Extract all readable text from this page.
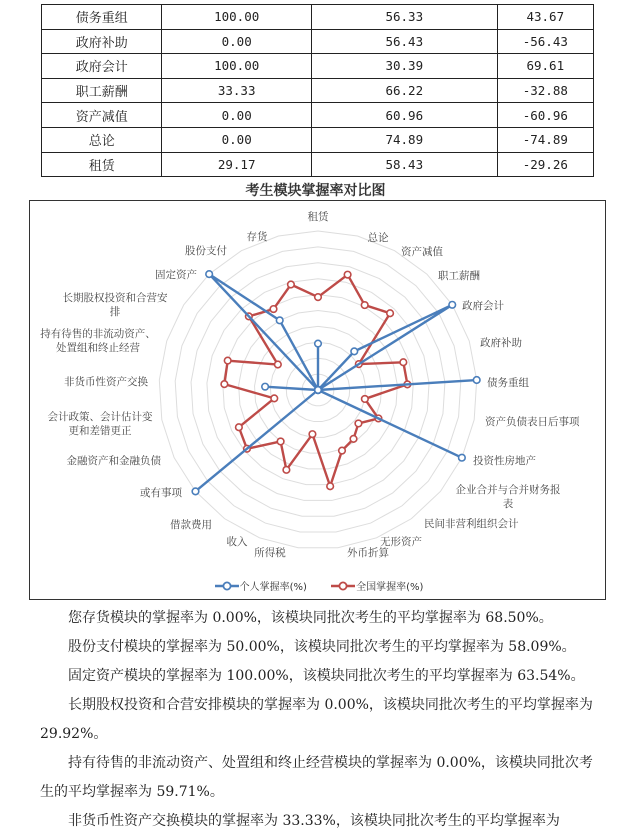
债务重组	100.00	56.33	43.67
政府补助	0.00	56.43	-56.43
政府会计	100.00	30.39	69.61
职工薪酬	33.33	66.22	-32.88
资产减值	0.00	60.96	-60.96
总论	0.00	74.89	-74.89
租赁	29.17	58.43	-29.26
考生模块掌握率对比图
租赁
总论
资产减值
职工薪酬
政府会计
政府补助
债务重组
资产负债表日后事项
投资性房地产
企业合并与合并财务报表
民间非营利组织会计
无形资产
外币折算
所得税
收入
借款费用
或有事项
金融资产和金融负债
会计政策、会计估计变更和差错更正
非货币性资产交换
持有待售的非流动资产、处置组和终止经营
长期股权投资和合营安排
固定资产
股份支付
存货
个人掌握率(%)
	全国掌握率(%)

您存货模块的掌握率为 0.00%，该模块同批次考生的平均掌握率为 68.50%。

股份支付模块的掌握率为 50.00%，该模块同批次考生的平均掌握率为 58.09%。

固定资产模块的掌握率为 100.00%，该模块同批次考生的平均掌握率为 63.54%。

长期股权投资和合营安排模块的掌握率为 0.00%，该模块同批次考生的平均掌握率为 29.92%。

持有待售的非流动资产、处置组和终止经营模块的掌握率为 0.00%，该模块同批次考生的平均掌握率为 59.71%。

非货币性资产交换模块的掌握率为 33.33%，该模块同批次考生的平均掌握率为
